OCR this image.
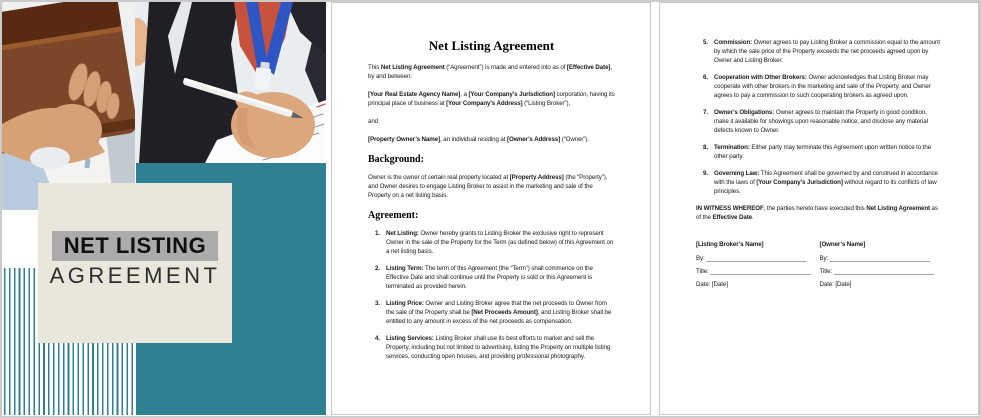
NET LISTING
AGREEMENT
Net Listing Agreement

This Net Listing Agreement (“Agreement”) is made and entered into as of [Effective Date], by and between:

[Your Real Estate Agency Name], a [Your Company’s Jurisdiction] corporation, having its principal place of business at [Your Company’s Address] (“Listing Broker”),

and

[Property Owner’s Name], an individual residing at [Owner’s Address] (“Owner”).

Background:

Owner is the owner of certain real property located at [Property Address] (the “Property”), and Owner desires to engage Listing Broker to assist in the marketing and sale of the Property on a net listing basis.

Agreement:
1. Net Listing: Owner hereby grants to Listing Broker the exclusive right to represent Owner in the sale of the Property for the Term (as defined below) of this Agreement on a net listing basis.
2. Listing Term: The term of this Agreement (the “Term”) shall commence on the Effective Date and shall continue until the Property is sold or this Agreement is terminated as provided herein.
3. Listing Price: Owner and Listing Broker agree that the net proceeds to Owner from the sale of the Property shall be [Net Proceeds Amount], and Listing Broker shall be entitled to any amount in excess of the net proceeds as compensation.
4. Listing Services: Listing Broker shall use its best efforts to market and sell the Property, including but not limited to advertising, listing the Property on multiple listing services, conducting open houses, and providing professional photography.
5. Commission: Owner agrees to pay Listing Broker a commission equal to the amount by which the sale price of the Property exceeds the net proceeds agreed upon by Owner and Listing Broker.
6. Cooperation with Other Brokers: Owner acknowledges that Listing Broker may cooperate with other brokers in the marketing and sale of the Property, and Owner agrees to pay a commission to such cooperating brokers as agreed upon.
7. Owner’s Obligations: Owner agrees to maintain the Property in good condition, make it available for showings upon reasonable notice, and disclose any material defects known to Owner.
8. Termination: Either party may terminate this Agreement upon written notice to the other party.
9. Governing Law: This Agreement shall be governed by and construed in accordance with the laws of [Your Company’s Jurisdiction] without regard to its conflicts of law principles.

IN WITNESS WHEREOF, the parties hereto have executed this Net Listing Agreement as of the Effective Date.

[Listing Broker’s Name]
By: ______________________________
Title: ______________________________
Date: [Date]
[Owner’s Name]
By: ______________________________
Title: ______________________________
Date: [Date]
